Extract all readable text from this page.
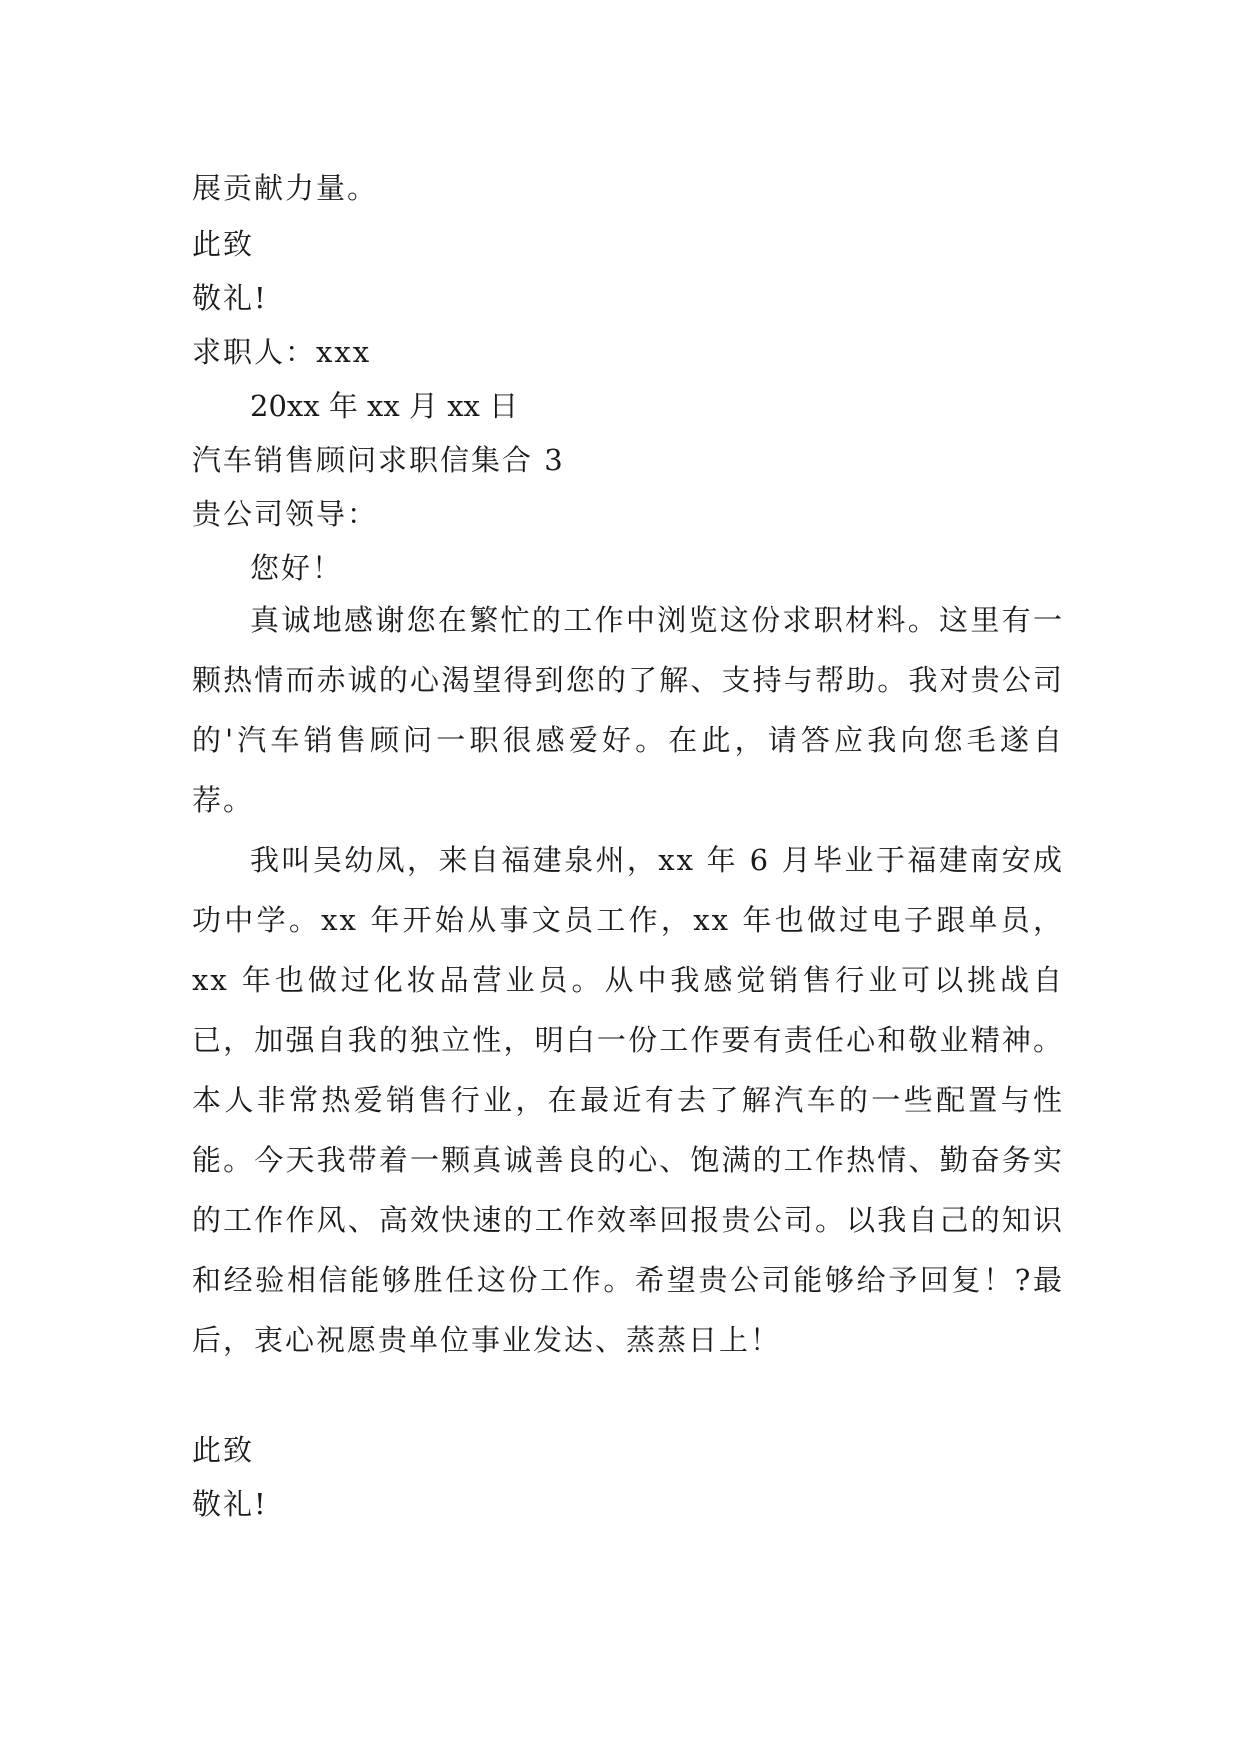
展贡献力量。

此致

敬礼!

求职人：xxx

20xx 年 xx 月 xx 日

汽车销售顾问求职信集合 3

贵公司领导：

您好！

真诚地感谢您在繁忙的工作中浏览这份求职材料。这里有一颗热情而赤诚的心渴望得到您的了解、支持与帮助。我对贵公司的'汽车销售顾问一职很感爱好。在此，请答应我向您毛遂自荐。

我叫吴幼凤，来自福建泉州，xx 年 6 月毕业于福建南安成功中学。xx 年开始从事文员工作，xx 年也做过电子跟单员，xx 年也做过化妆品营业员。从中我感觉销售行业可以挑战自已，加强自我的独立性，明白一份工作要有责任心和敬业精神。本人非常热爱销售行业，在最近有去了解汽车的一些配置与性能。今天我带着一颗真诚善良的心、饱满的工作热情、勤奋务实的工作作风、高效快速的工作效率回报贵公司。以我自己的知识和经验相信能够胜任这份工作。希望贵公司能够给予回复！?最后，衷心祝愿贵单位事业发达、蒸蒸日上！

此致

敬礼!
